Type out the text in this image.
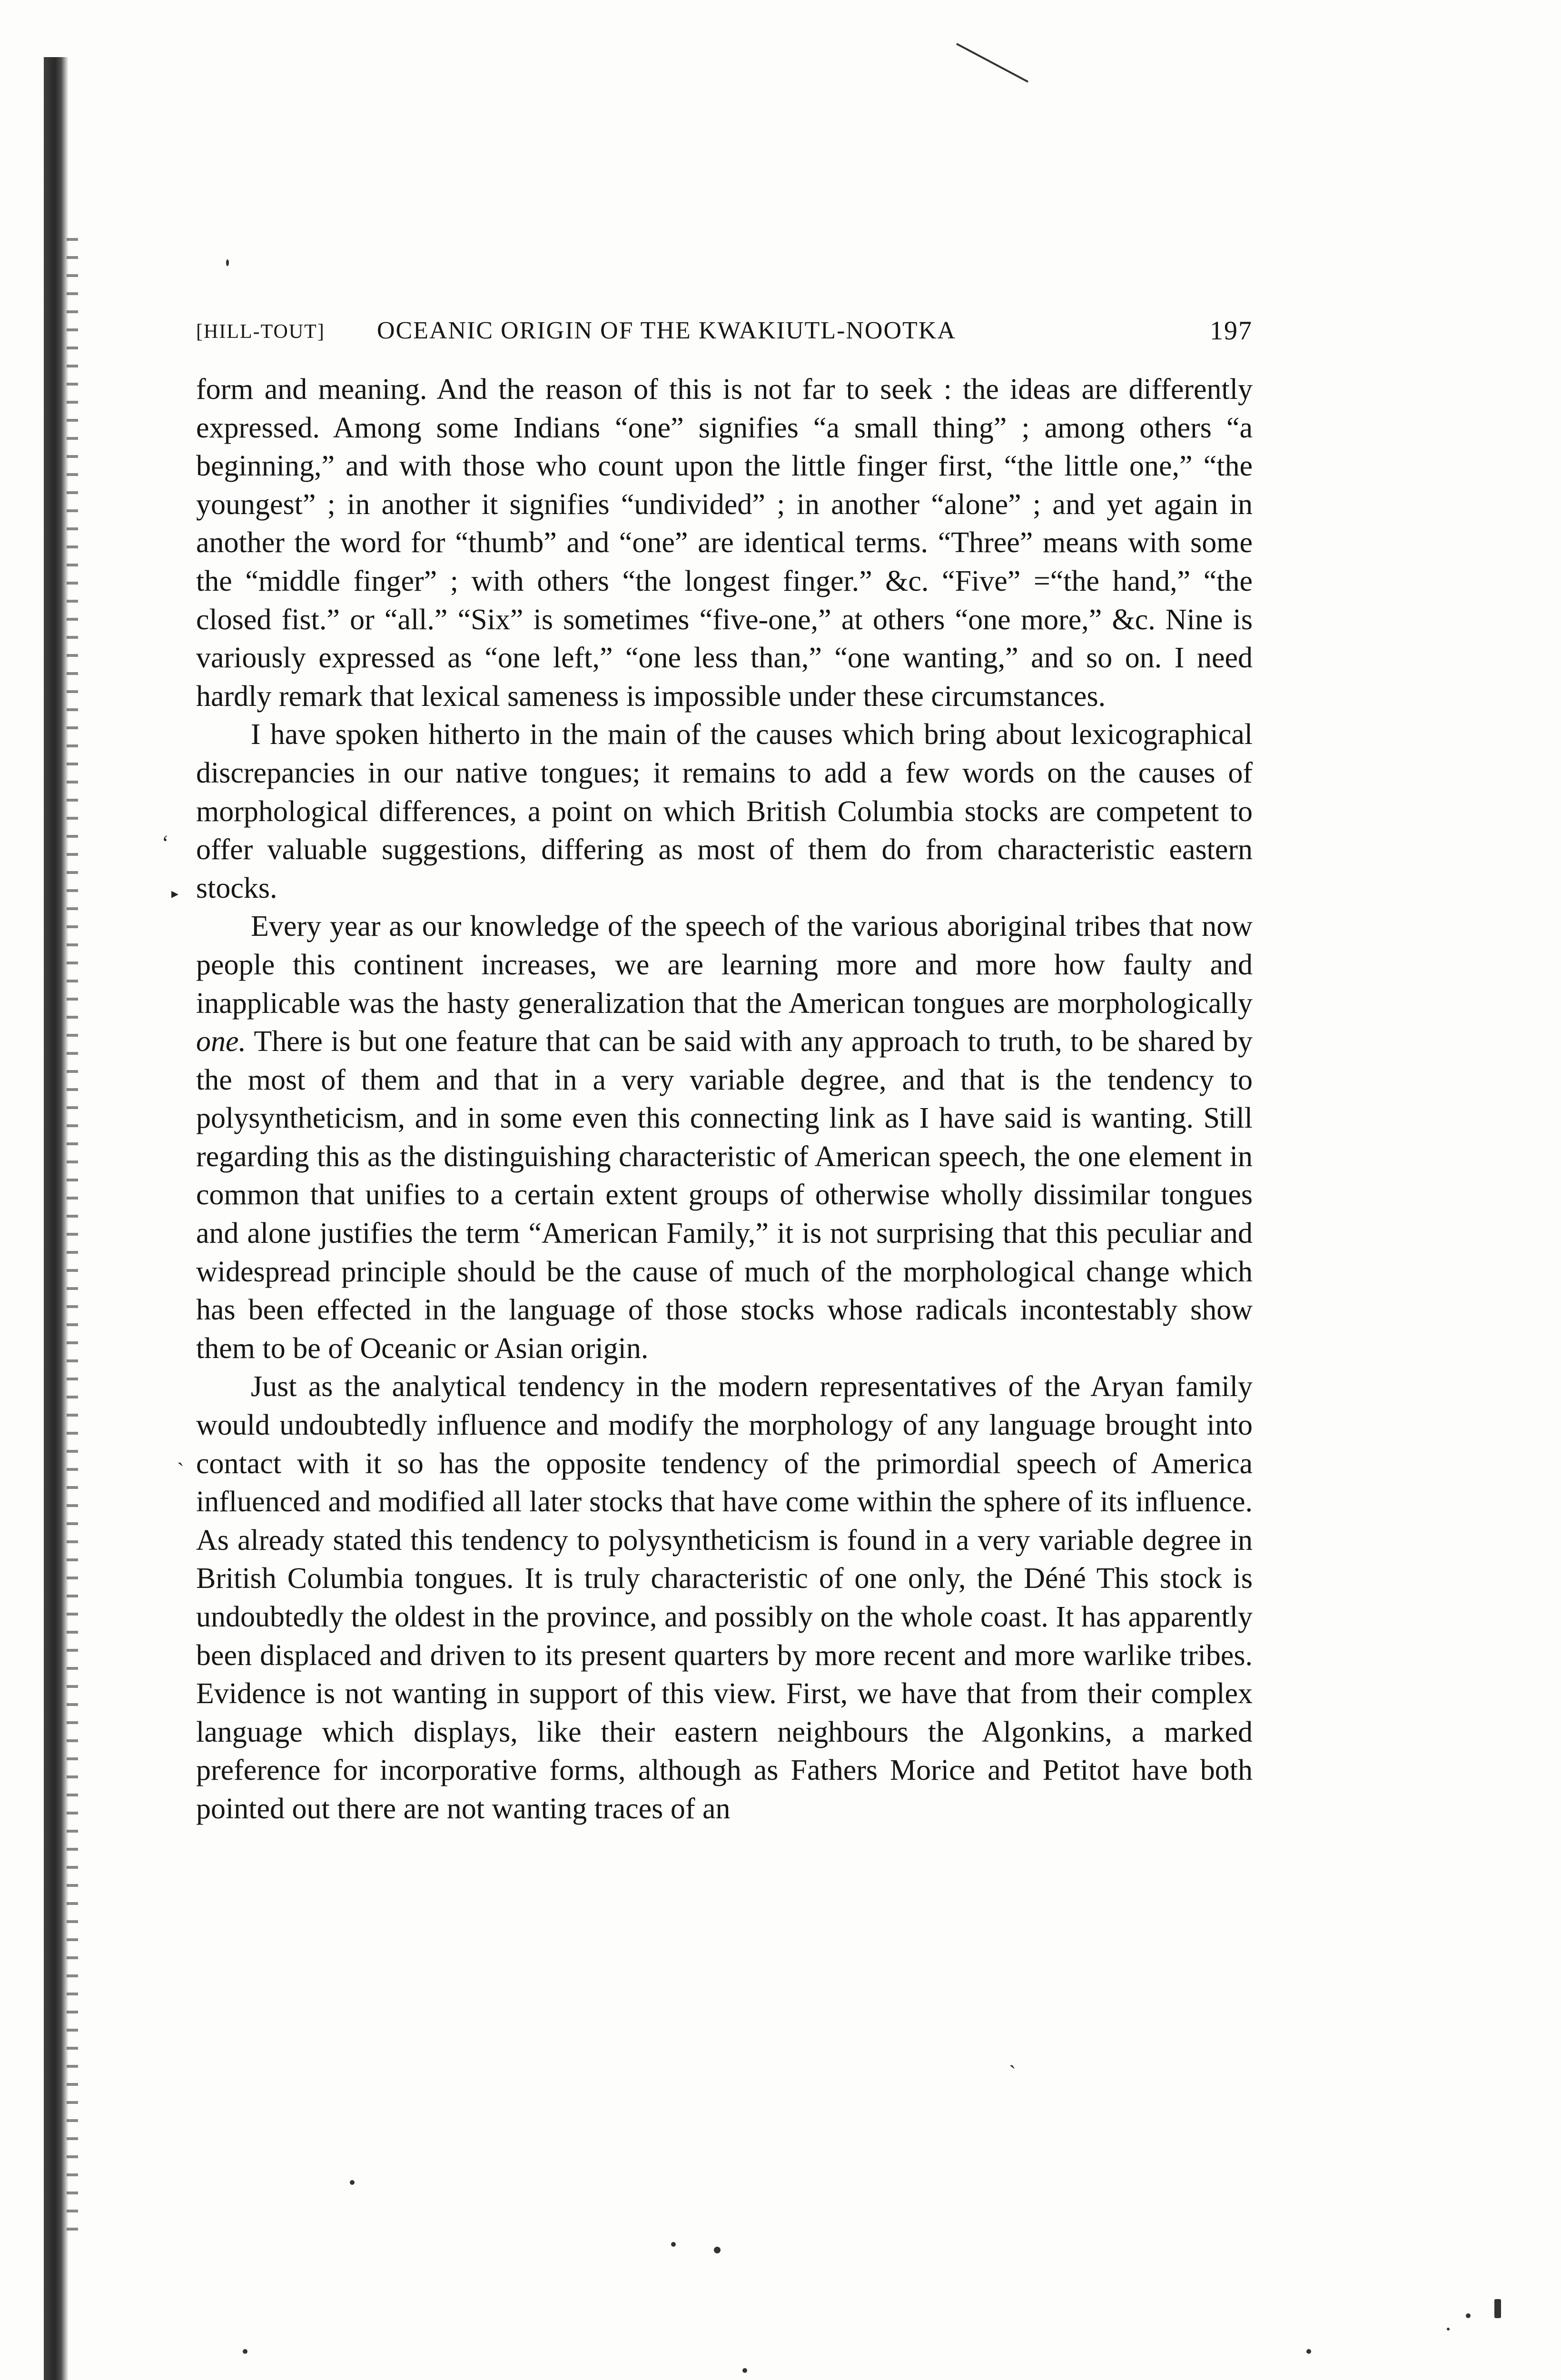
[HILL-TOUT] OCEANIC ORIGIN OF THE KWAKIUTL-NOOTKA	197

form and meaning. And the reason of this is not far to seek : the ideas are differently expressed. Among some Indians “one” signifies “a small thing” ; among others “a beginning,” and with those who count upon the little finger first, “the little one,” “the youngest” ; in another it signifies “undivided” ; in another “alone” ; and yet again in another the word for “thumb” and “one” are identical terms. “Three” means with some the “middle finger” ; with others “the longest finger.” &c. “Five” =“the hand,” “the closed fist.” or “all.” “Six” is sometimes “five-one,” at others “one more,” &c. Nine is variously expressed as “one left,” “one less than,” “one wanting,” and so on. I need hardly remark that lexical sameness is impossible under these circumstances.

I have spoken hitherto in the main of the causes which bring about lexicographical discrepancies in our native tongues; it remains to add a few words on the causes of morphological differences, a point on which British Columbia stocks are competent to offer valuable suggestions, differing as most of them do from characteristic eastern stocks.

Every year as our knowledge of the speech of the various aboriginal tribes that now people this continent increases, we are learning more and more how faulty and inapplicable was the hasty generalization that the American tongues are morphologically one. There is but one feature that can be said with any approach to truth, to be shared by the most of them and that in a very variable degree, and that is the tendency to polysyntheticism, and in some even this connecting link as I have said is wanting. Still regarding this as the distinguishing characteristic of American speech, the one element in common that unifies to a certain extent groups of otherwise wholly dissimilar tongues and alone justifies the term “American Family,” it is not surprising that this peculiar and widespread principle should be the cause of much of the morphological change which has been effected in the language of those stocks whose radicals incontestably show them to be of Oceanic or Asian origin.

Just as the analytical tendency in the modern representatives of the Aryan family would undoubtedly influence and modify the morphology of any language brought into contact with it so has the opposite tendency of the primordial speech of America influenced and modified all later stocks that have come within the sphere of its influence. As already stated this tendency to polysyntheticism is found in a very variable degree in British Columbia tongues. It is truly characteristic of one only, the Déné This stock is undoubtedly the oldest in the province, and possibly on the whole coast. It has apparently been displaced and driven to its present quarters by more recent and more warlike tribes. Evidence is not wanting in support of this view. First, we have that from their complex language which displays, like their eastern neighbours the Algonkins, a marked preference for incorporative forms, although as Fathers Morice and Petitot have both pointed out there are not wanting traces of an

‘
▸
ˏ
ˋ
